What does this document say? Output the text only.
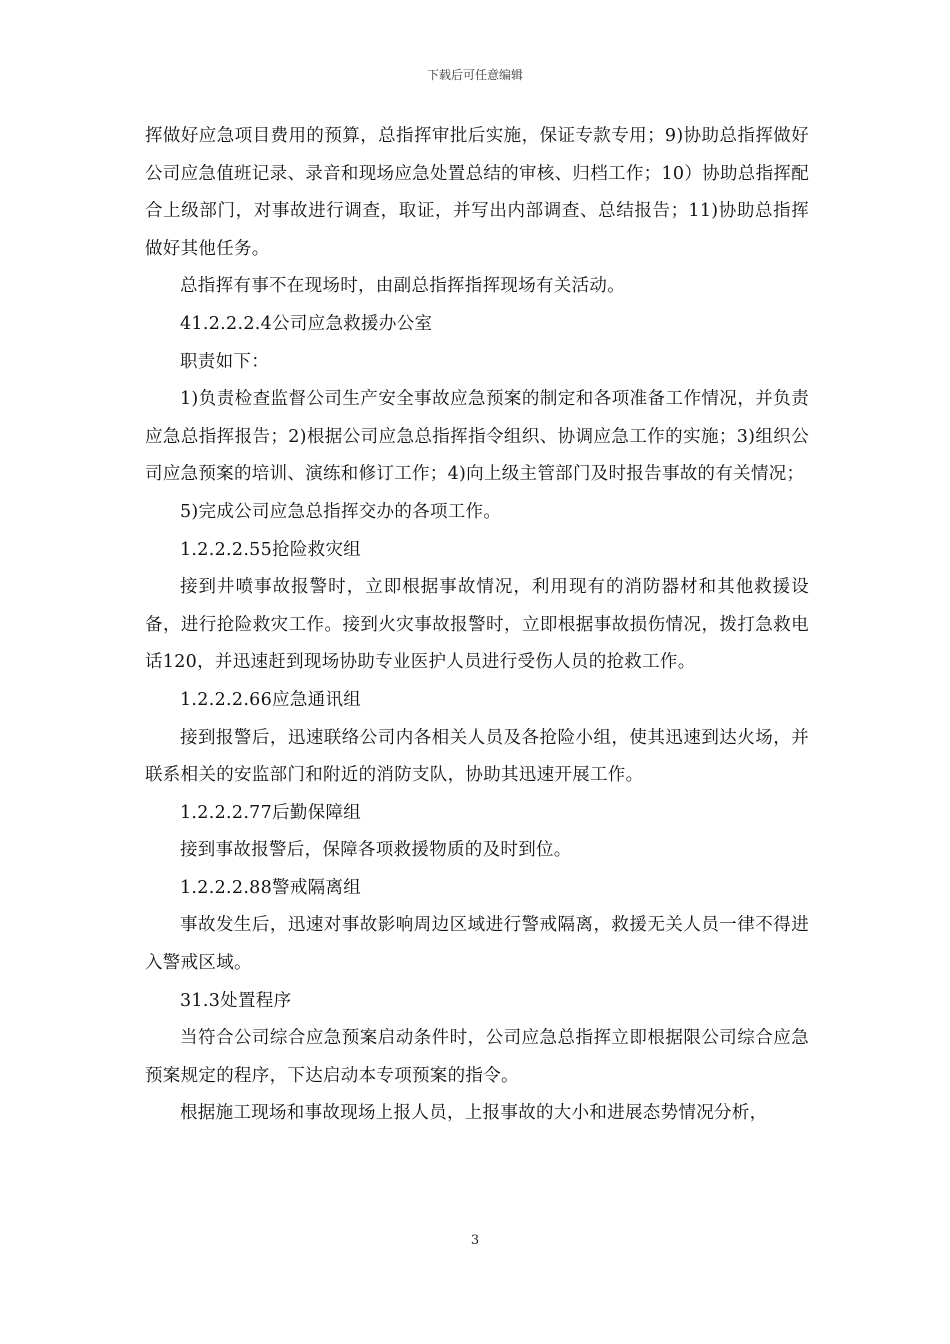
下载后可任意编辑

挥做好应急项目费用的预算，总指挥审批后实施，保证专款专用；9)协助总指挥做好公司应急值班记录、录音和现场应急处置总结的审核、归档工作；10）协助总指挥配合上级部门，对事故进行调查，取证，并写出内部调查、总结报告；11)协助总指挥做好其他任务。

总指挥有事不在现场时，由副总指挥指挥现场有关活动。

41.2.2.2.4公司应急救援办公室

职责如下：

1)负责检查监督公司生产安全事故应急预案的制定和各项准备工作情况，并负责应急总指挥报告；2)根据公司应急总指挥指令组织、协调应急工作的实施；3)组织公司应急预案的培训、演练和修订工作；4)向上级主管部门及时报告事故的有关情况；

5)完成公司应急总指挥交办的各项工作。

1.2.2.2.55抢险救灾组

接到井喷事故报警时，立即根据事故情况，利用现有的消防器材和其他救援设备，进行抢险救灾工作。接到火灾事故报警时，立即根据事故损伤情况，拨打急救电话120，并迅速赶到现场协助专业医护人员进行受伤人员的抢救工作。

1.2.2.2.66应急通讯组

接到报警后，迅速联络公司内各相关人员及各抢险小组，使其迅速到达火场，并联系相关的安监部门和附近的消防支队，协助其迅速开展工作。

1.2.2.2.77后勤保障组

接到事故报警后，保障各项救援物质的及时到位。

1.2.2.2.88警戒隔离组

事故发生后，迅速对事故影响周边区域进行警戒隔离，救援无关人员一律不得进入警戒区域。

31.3处置程序

当符合公司综合应急预案启动条件时，公司应急总指挥立即根据限公司综合应急预案规定的程序，下达启动本专项预案的指令。

根据施工现场和事故现场上报人员，上报事故的大小和进展态势情况分析，

3
